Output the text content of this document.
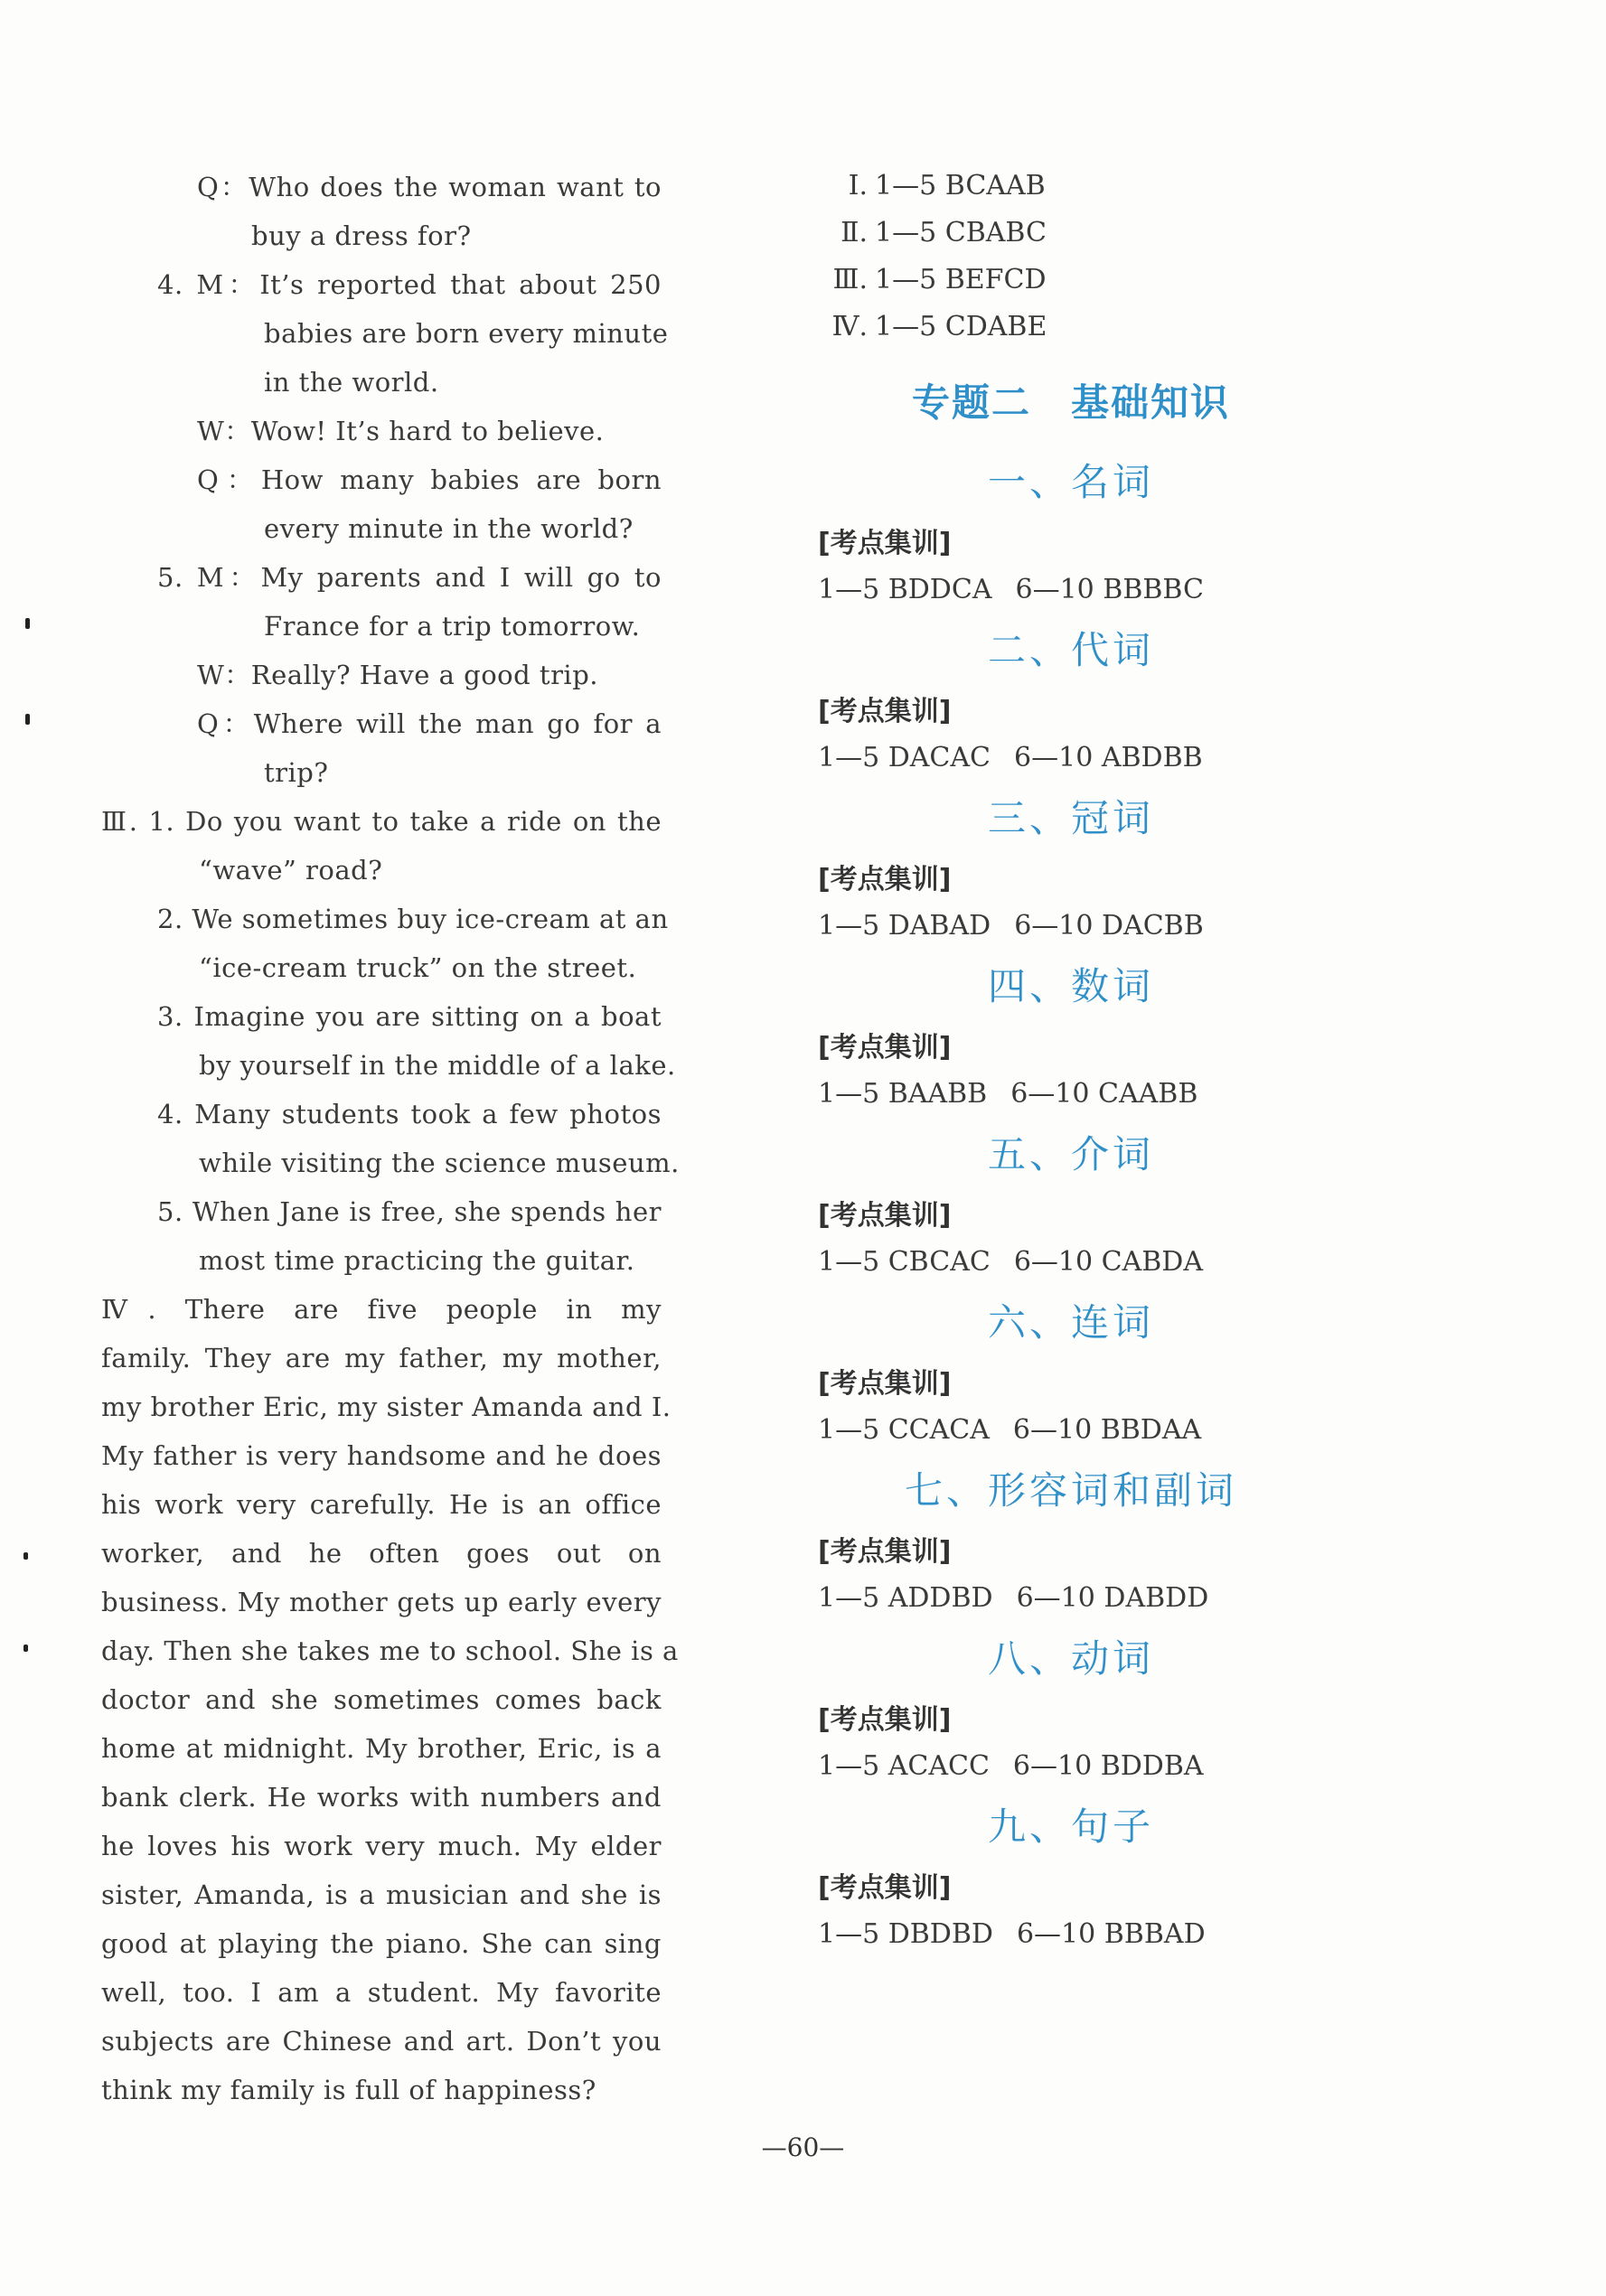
Q：Who does the woman want to
buy a dress for?
4. M：It’s reported that about 250
babies are born every minute
in the world.
W：Wow! It’s hard to believe.
Q：How many babies are born
every minute in the world?
5. M：My parents and I will go to
France for a trip tomorrow.
W：Really? Have a good trip.
Q：Where will the man go for a
trip?
Ⅲ. 1. Do you want to take a ride on the
“wave” road?
2. We sometimes buy ice-cream at an
“ice-cream truck” on the street.
3. Imagine you are sitting on a boat
by yourself in the middle of a lake.
4. Many students took a few photos
while visiting the science museum.
5. When Jane is free, she spends her
most time practicing the guitar.
Ⅳ. There are five people in my
family. They are my father, my mother,
my brother Eric, my sister Amanda and I.
My father is very handsome and he does
his work very carefully. He is an office
worker, and he often goes out on
business. My mother gets up early every
day. Then she takes me to school. She is a
doctor and she sometimes comes back
home at midnight. My brother, Eric, is a
bank clerk. He works with numbers and
he loves his work very much. My elder
sister, Amanda, is a musician and she is
good at playing the piano. She can sing
well, too. I am a student. My favorite
subjects are Chinese and art. Don’t you
think my family is full of happiness?
Ⅰ. 1—5 BCAAB
Ⅱ. 1—5 CBABC
Ⅲ. 1—5 BEFCD
Ⅳ. 1—5 CDABE
专题二　基础知识
一、名词
[考点集训]
1—5 BDDCA 6—10 BBBBC
二、代词
[考点集训]
1—5 DACAC 6—10 ABDBB
三、冠词
[考点集训]
1—5 DABAD 6—10 DACBB
四、数词
[考点集训]
1—5 BAABB 6—10 CAABB
五、介词
[考点集训]
1—5 CBCAC 6—10 CABDA
六、连词
[考点集训]
1—5 CCACA 6—10 BBDAA
七、形容词和副词
[考点集训]
1—5 ADDBD 6—10 DABDD
八、动词
[考点集训]
1—5 ACACC 6—10 BDDBA
九、句子
[考点集训]
1—5 DBDBD 6—10 BBBAD
—60—
